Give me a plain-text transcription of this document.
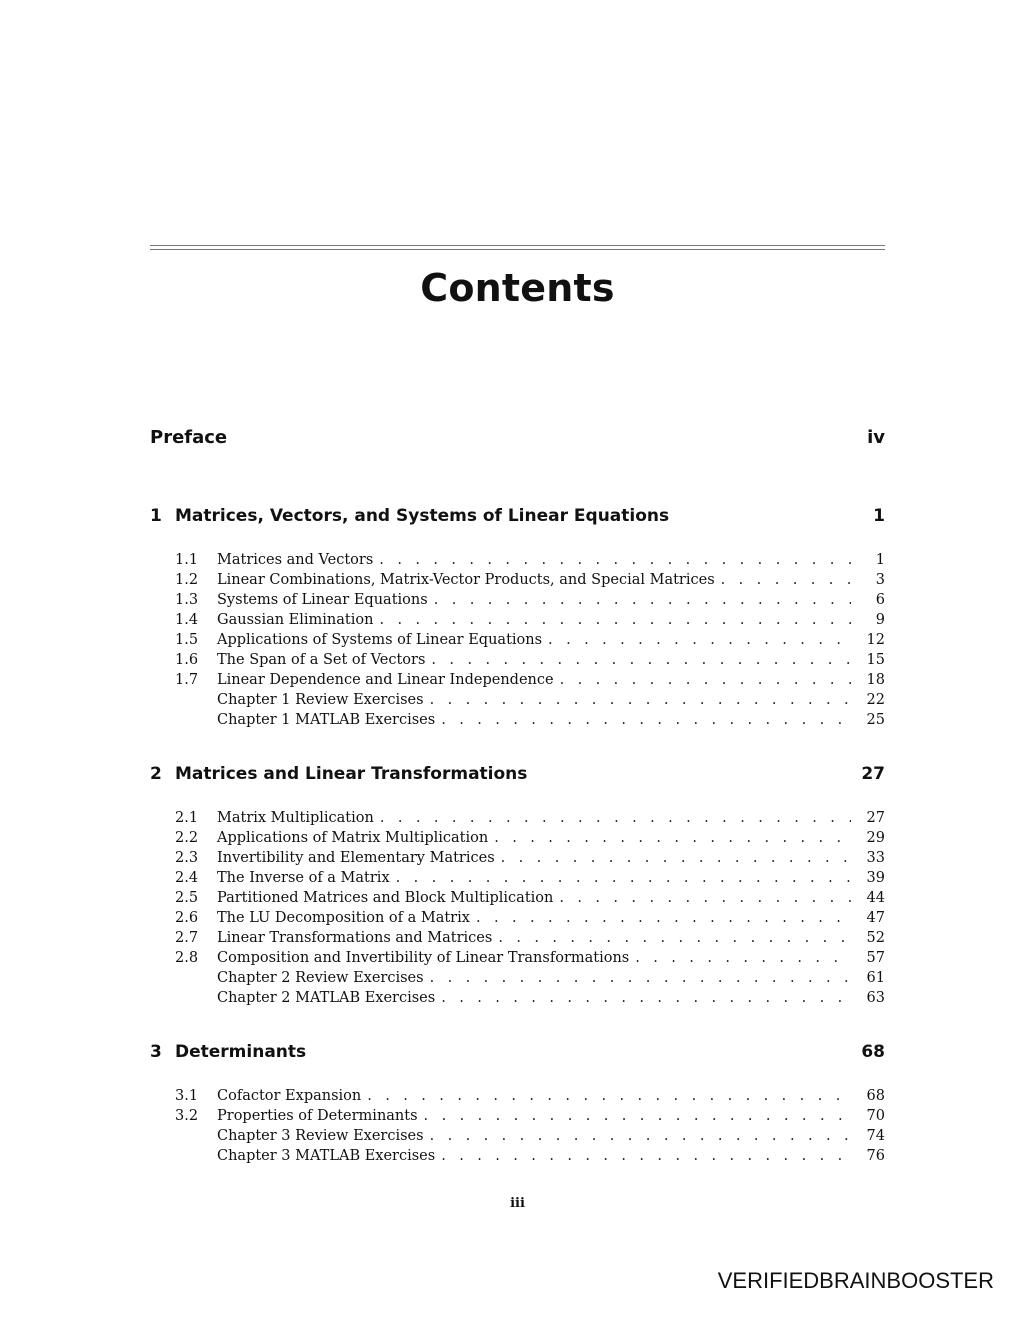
Contents
Preface	iv
1 Matrices, Vectors, and Systems of Linear Equations	1
1.1	Matrices and Vectors . . .	1
1.2	Linear Combinations, Matrix-Vector Products, and Special Matrices . . .	3
1.3	Systems of Linear Equations . . .	6
1.4	Gaussian Elimination . . .	9
1.5	Applications of Systems of Linear Equations . . .	12
1.6	The Span of a Set of Vectors . . .	15
1.7	Linear Dependence and Linear Independence . . .	18
Chapter 1 Review Exercises . . .	22
Chapter 1 MATLAB Exercises . . .	25
2 Matrices and Linear Transformations	27
2.1	Matrix Multiplication . . .	27
2.2	Applications of Matrix Multiplication . . .	29
2.3	Invertibility and Elementary Matrices . . .	33
2.4	The Inverse of a Matrix . . .	39
2.5	Partitioned Matrices and Block Multiplication . . .	44
2.6	The LU Decomposition of a Matrix . . .	47
2.7	Linear Transformations and Matrices . . .	52
2.8	Composition and Invertibility of Linear Transformations . . .	57
Chapter 2 Review Exercises . . .	61
Chapter 2 MATLAB Exercises . . .	63
3 Determinants	68
3.1	Cofactor Expansion . . .	68
3.2	Properties of Determinants . . .	70
Chapter 3 Review Exercises . . .	74
Chapter 3 MATLAB Exercises . . .	76
iii
VERIFIEDBRAINBOOSTER
